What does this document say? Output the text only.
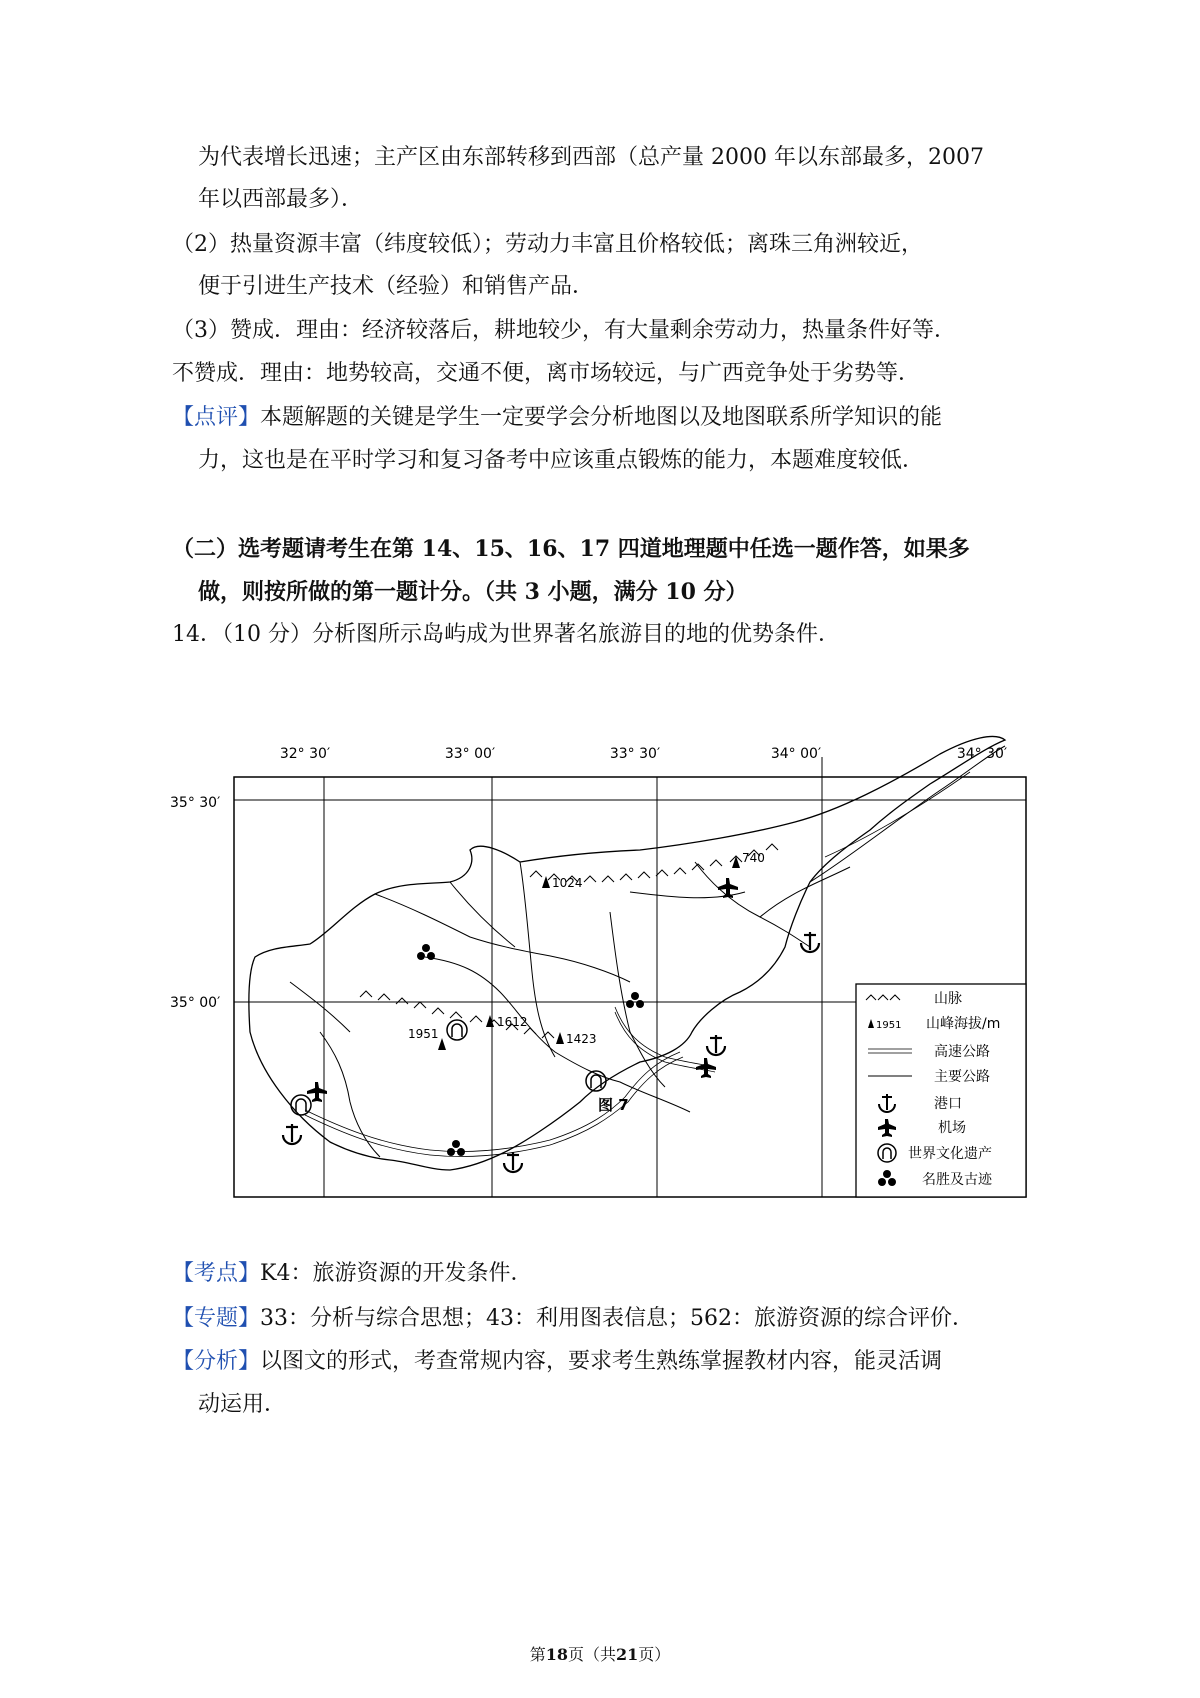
为代表增长迅速；主产区由东部转移到西部（总产量 2000 年以东部最多，2007
年以西部最多）．
（2）热量资源丰富（纬度较低）；劳动力丰富且价格较低；离珠三角洲较近，
便于引进生产技术（经验）和销售产品．
（3）赞成．理由：经济较落后，耕地较少，有大量剩余劳动力，热量条件好等．
不赞成．理由：地势较高，交通不便，离市场较远，与广西竞争处于劣势等．
【点评】本题解题的关键是学生一定要学会分析地图以及地图联系所学知识的能
力，这也是在平时学习和复习备考中应该重点锻炼的能力，本题难度较低．
（二）选考题请考生在第 14、15、16、17 四道地理题中任选一题作答，如果多
做，则按所做的第一题计分。（共 3 小题，满分 10 分）
14．（10 分）分析图所示岛屿成为世界著名旅游目的地的优势条件．
32° 30′	33° 00′	33° 30′	34° 00′	34° 30′
35° 30′
35° 00′
1024
740
1612
1951	1423
图 7
山脉
1951 山峰海拔/m
高速公路
主要公路
港口
机场
世界文化遗产
名胜及古迹
【考点】K4：旅游资源的开发条件．
【专题】33：分析与综合思想；43：利用图表信息；562：旅游资源的综合评价．
【分析】以图文的形式，考查常规内容，要求考生熟练掌握教材内容，能灵活调
动运用．
第18页（共21页）
